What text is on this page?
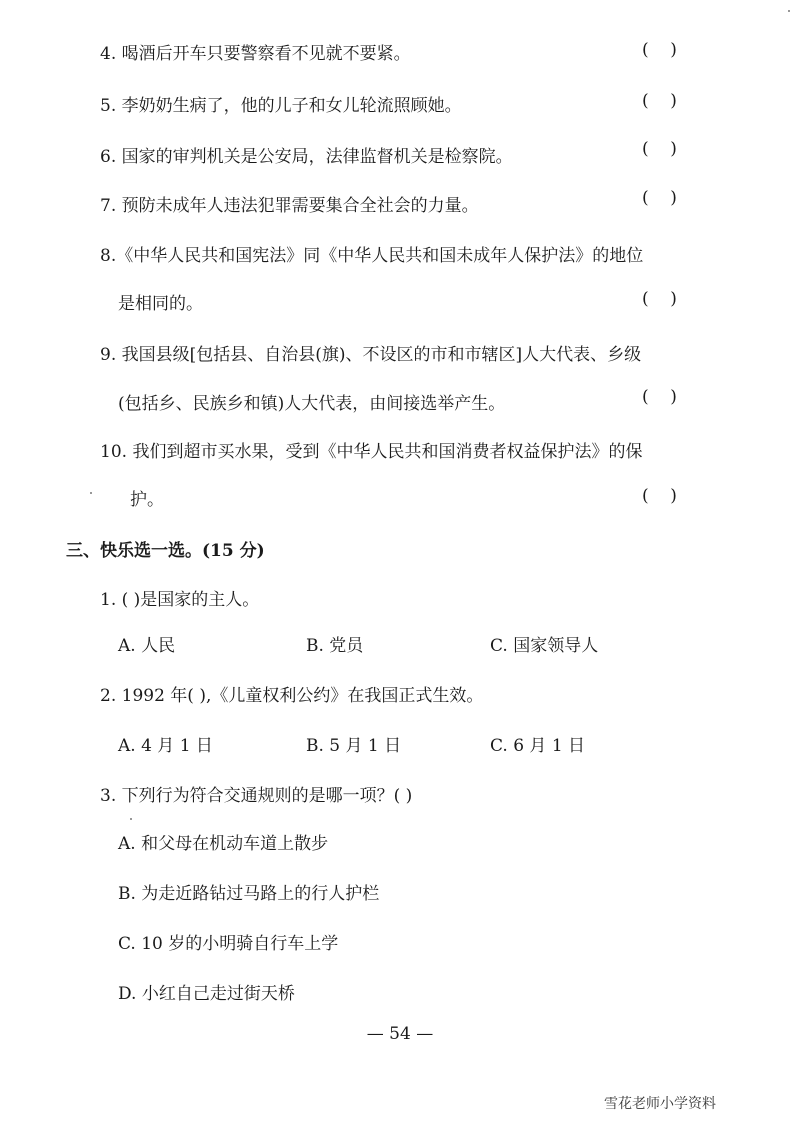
4. 喝酒后开车只要警察看不见就不要紧。	(    )
5. 李奶奶生病了，他的儿子和女儿轮流照顾她。	(    )
6. 国家的审判机关是公安局，法律监督机关是检察院。	(    )
7. 预防未成年人违法犯罪需要集合全社会的力量。	(    )
8.《中华人民共和国宪法》同《中华人民共和国未成年人保护法》的地位
是相同的。	(    )
9. 我国县级[包括县、自治县(旗)、不设区的市和市辖区]人大代表、乡级
(包括乡、民族乡和镇)人大代表，由间接选举产生。	(    )
10. 我们到超市买水果，受到《中华人民共和国消费者权益保护法》的保
护。	(    )
三、快乐选一选。(15 分)
1. ( )是国家的主人。
A. 人民	B. 党员	C. 国家领导人
2. 1992 年( ),《儿童权利公约》在我国正式生效。
A. 4 月 1 日	B. 5 月 1 日	C. 6 月 1 日
3. 下列行为符合交通规则的是哪一项？( )
A. 和父母在机动车道上散步
B. 为走近路钻过马路上的行人护栏
C. 10 岁的小明骑自行车上学
D. 小红自己走过街天桥
— 54 —
雪花老师小学资料
